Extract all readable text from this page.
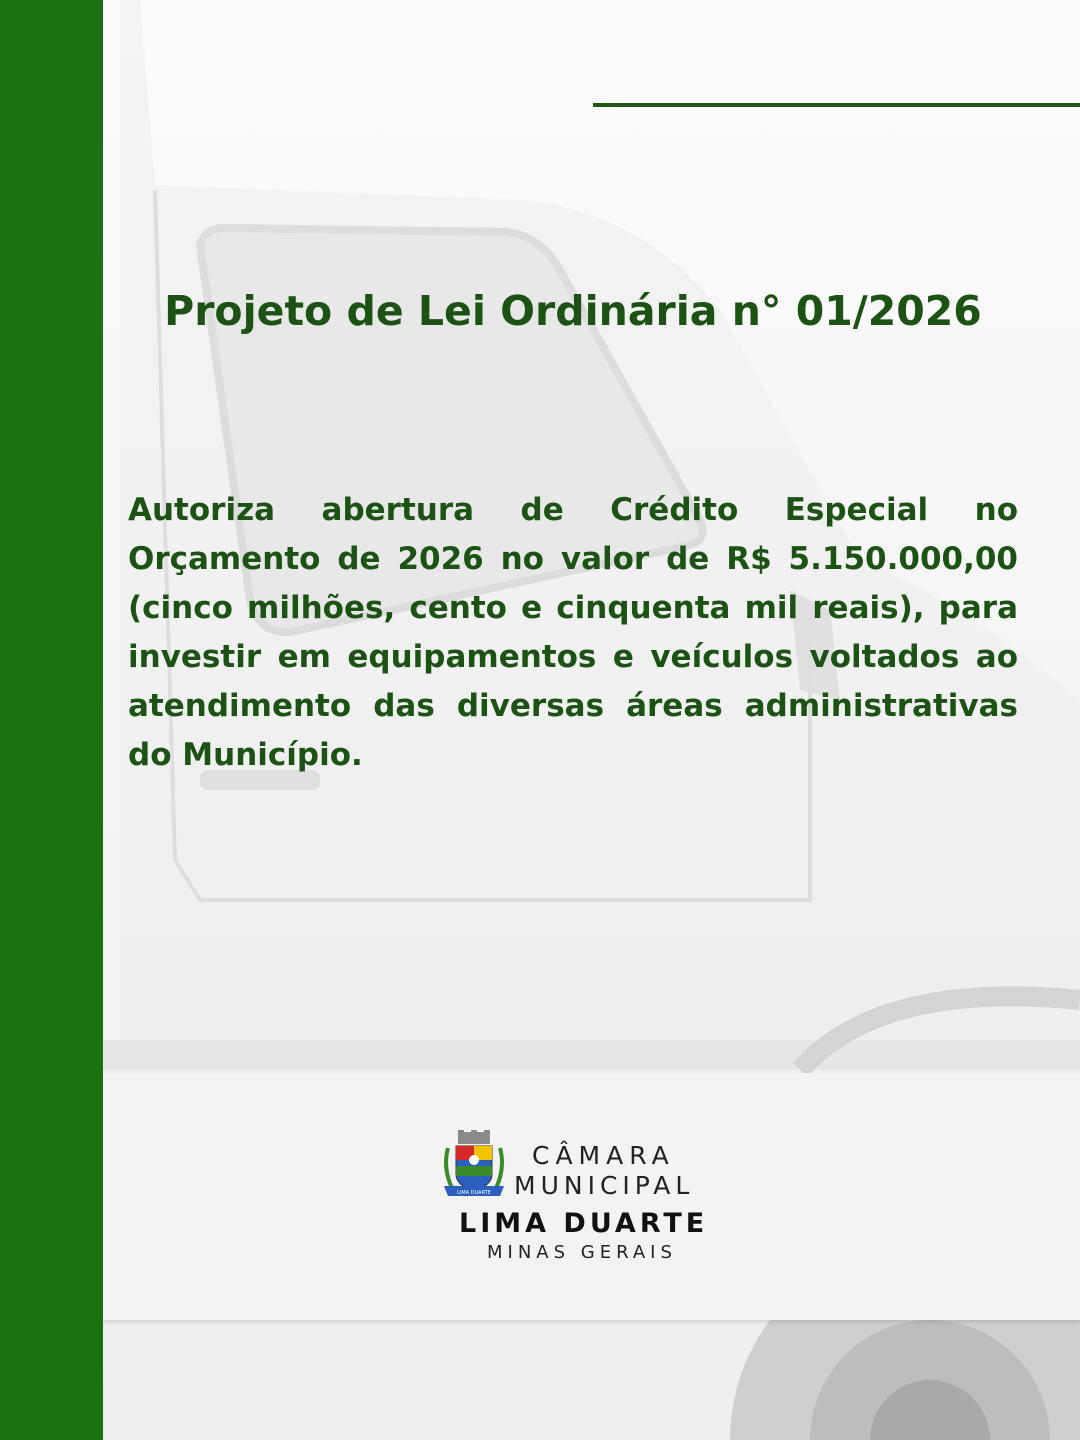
Projeto de Lei Ordinária n° 01/2026

Autoriza abertura de Crédito Especial no Orçamento de 2026 no valor de R$ 5.150.000,00 (cinco milhões, cento e cinquenta mil reais), para investir em equipamentos e veículos voltados ao atendimento das diversas áreas administrativas do Município.

LIMA DUARTE
CÂMARA
MUNICIPAL
LIMA DUARTE
MINAS GERAIS
